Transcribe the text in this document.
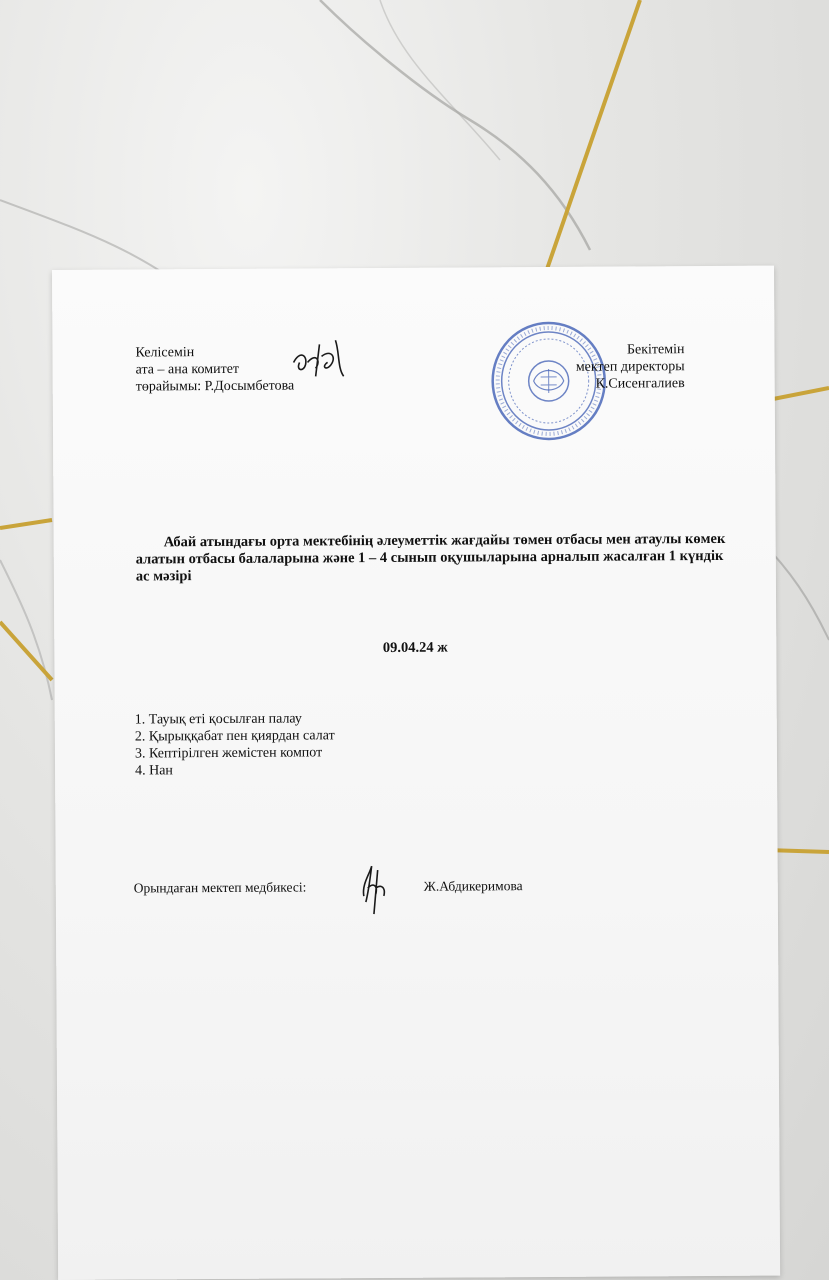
Келісемін
ата – ана комитет
төрайымы: Р.Досымбетова
Бекітемін
мектеп директоры
К.Сисенгалиев
Абай атындағы орта мектебінің әлеуметтік жағдайы төмен отбасы мен атаулы көмек алатын отбасы балаларына және 1 – 4 сынып оқушыларына арналып жасалған 1 күндік ас мәзірі
09.04.24 ж
1. Тауық еті қосылған палау
2. Қырыққабат пен қиярдан салат
3. Кептірілген жемістен компот
4. Нан
Орындаған мектеп медбикесі:	Ж.Абдикеримова
